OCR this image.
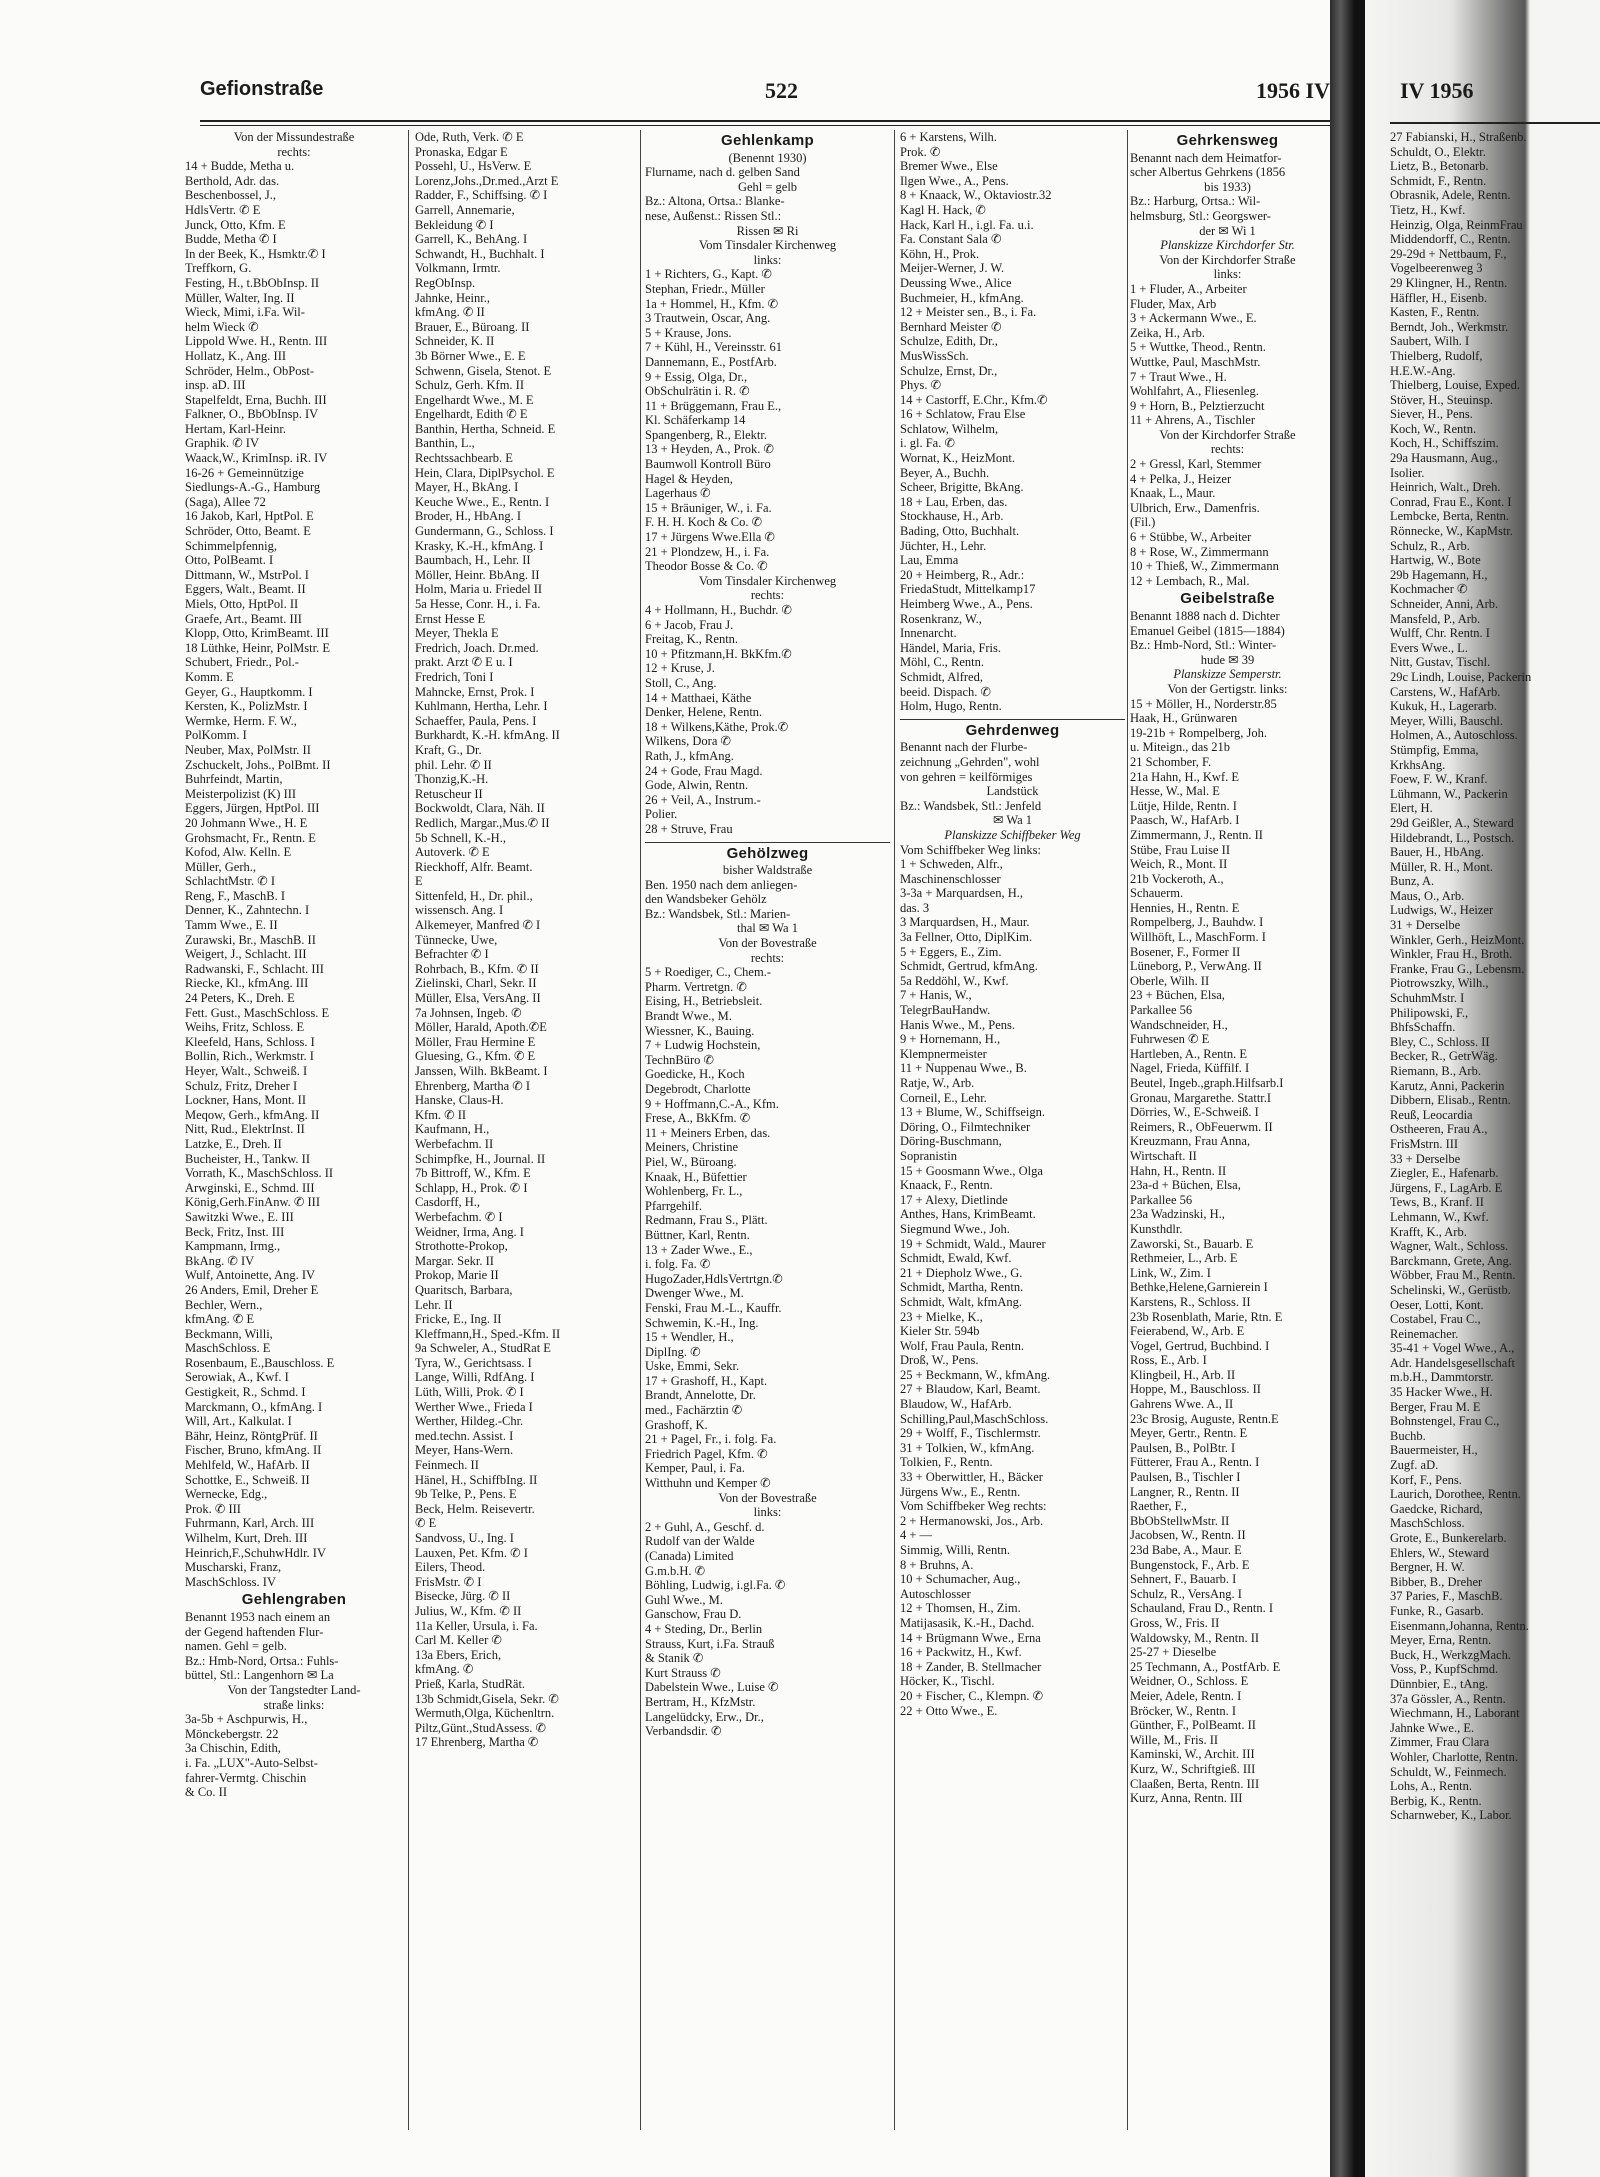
Gefionstraße	522	1956 IV	IV 1956

Von der Missundestraße

rechts:

14 + Budde, Metha u.

Berthold, Adr. das.

Beschenbossel, J.,

HdlsVertr. ✆ E

Junck, Otto, Kfm. E

Budde, Metha ✆ I

In der Beek, K., Hsmktr.✆ I

Treffkorn, G.

Festing, H., t.BbObInsp. II

Müller, Walter, Ing. II

Wieck, Mimi, i.Fa. Wil-

helm Wieck ✆

Lippold Wwe. H., Rentn. III

Hollatz, K., Ang. III

Schröder, Helm., ObPost-

insp. aD. III

Stapelfeldt, Erna, Buchh. III

Falkner, O., BbObInsp. IV

Hertam, Karl-Heinr.

Graphik. ✆ IV

Waack,W., KrimInsp. iR. IV

16-26 + Gemeinnützige

Siedlungs-A.-G., Hamburg

(Saga), Allee 72

16 Jakob, Karl, HptPol. E

Schröder, Otto, Beamt. E

Schimmelpfennig,

Otto, PolBeamt. I

Dittmann, W., MstrPol. I

Eggers, Walt., Beamt. II

Miels, Otto, HptPol. II

Graefe, Art., Beamt. III

Klopp, Otto, KrimBeamt. III

18 Lüthke, Heinr, PolMstr. E

Schubert, Friedr., Pol.-

Komm. E

Geyer, G., Hauptkomm. I

Kersten, K., PolizMstr. I

Wermke, Herm. F. W.,

PolKomm. I

Neuber, Max, PolMstr. II

Zschuckelt, Johs., PolBmt. II

Buhrfeindt, Martin,

Meisterpolizist (K) III

Eggers, Jürgen, HptPol. III

20 Johmann Wwe., H. E

Grohsmacht, Fr., Rentn. E

Kofod, Alw. Kelln. E

Müller, Gerh.,

SchlachtMstr. ✆ I

Reng, F., MaschB. I

Denner, K., Zahntechn. I

Tamm Wwe., E. II

Zurawski, Br., MaschB. II

Weigert, J., Schlacht. III

Radwanski, F., Schlacht. III

Riecke, Kl., kfmAng. III

24 Peters, K., Dreh. E

Fett. Gust., MaschSchloss. E

Weihs, Fritz, Schloss. E

Kleefeld, Hans, Schloss. I

Bollin, Rich., Werkmstr. I

Heyer, Walt., Schweiß. I

Schulz, Fritz, Dreher I

Lockner, Hans, Mont. II

Meqow, Gerh., kfmAng. II

Nitt, Rud., ElektrInst. II

Latzke, E., Dreh. II

Bucheister, H., Tankw. II

Vorrath, K., MaschSchloss. II

Arwginski, E., Schmd. III

König,Gerh.FinAnw. ✆ III

Sawitzki Wwe., E. III

Beck, Fritz, Inst. III

Kampmann, Irmg.,

BkAng. ✆ IV

Wulf, Antoinette, Ang. IV

26 Anders, Emil, Dreher E

Bechler, Wern.,

kfmAng. ✆ E

Beckmann, Willi,

MaschSchloss. E

Rosenbaum, E.,Bauschloss. E

Serowiak, A., Kwf. I

Gestigkeit, R., Schmd. I

Marckmann, O., kfmAng. I

Will, Art., Kalkulat. I

Bähr, Heinz, RöntgPrüf. II

Fischer, Bruno, kfmAng. II

Mehlfeld, W., HafArb. II

Schottke, E., Schweiß. II

Wernecke, Edg.,

Prok. ✆ III

Fuhrmann, Karl, Arch. III

Wilhelm, Kurt, Dreh. III

Heinrich,F.,SchuhwHdlr. IV

Muscharski, Franz,

MaschSchloss. IV

Gehlengraben

Benannt 1953 nach einem an

der Gegend haftenden Flur-

namen. Gehl = gelb.

Bz.: Hmb-Nord, Ortsa.: Fuhls-

büttel, Stl.: Langenhorn ✉ La

Von der Tangstedter Land-

straße links:

3a-5b + Aschpurwis, H.,

Mönckebergstr. 22

3a Chischin, Edith,

i. Fa. „LUX"-Auto-Selbst-

fahrer-Vermtg. Chischin

& Co. II

Ode, Ruth, Verk. ✆ E

Pronaska, Edgar E

Possehl, U., HsVerw. E

Lorenz,Johs.,Dr.med.,Arzt E

Radder, F., Schiffsing. ✆ I

Garrell, Annemarie,

Bekleidung ✆ I

Garrell, K., BehAng. I

Schwandt, H., Buchhalt. I

Volkmann, Irmtr.

RegObInsp.

Jahnke, Heinr.,

kfmAng. ✆ II

Brauer, E., Büroang. II

Schneider, K. II

3b Börner Wwe., E. E

Schwenn, Gisela, Stenot. E

Schulz, Gerh. Kfm. II

Engelhardt Wwe., M. E

Engelhardt, Edith ✆ E

Banthin, Hertha, Schneid. E

Banthin, L.,

Rechtssachbearb. E

Hein, Clara, DiplPsychol. E

Mayer, H., BkAng. I

Keuche Wwe., E., Rentn. I

Broder, H., HbAng. I

Gundermann, G., Schloss. I

Krasky, K.-H., kfmAng. I

Baumbach, H., Lehr. II

Möller, Heinr. BbAng. II

Holm, Maria u. Friedel II

5a Hesse, Conr. H., i. Fa.

Ernst Hesse E

Meyer, Thekla E

Fredrich, Joach. Dr.med.

prakt. Arzt ✆ E u. I

Fredrich, Toni I

Mahncke, Ernst, Prok. I

Kuhlmann, Hertha, Lehr. I

Schaeffer, Paula, Pens. I

Burkhardt, K.-H. kfmAng. II

Kraft, G., Dr.

phil. Lehr. ✆ II

Thonzig,K.-H.

Retuscheur II

Bockwoldt, Clara, Näh. II

Redlich, Margar.,Mus.✆ II

5b Schnell, K.-H.,

Autoverk. ✆ E

Rieckhoff, Alfr. Beamt.

E

Sittenfeld, H., Dr. phil.,

wissensch. Ang. I

Alkemeyer, Manfred ✆ I

Tünnecke, Uwe,

Befrachter ✆ I

Rohrbach, B., Kfm. ✆ II

Zielinski, Charl, Sekr. II

Müller, Elsa, VersAng. II

7a Johnsen, Ingeb. ✆

Möller, Harald, Apoth.✆E

Möller, Frau Hermine E

Gluesing, G., Kfm. ✆ E

Janssen, Wilh. BkBeamt. I

Ehrenberg, Martha ✆ I

Hanske, Claus-H.

Kfm. ✆ II

Kaufmann, H.,

Werbefachm. II

Schimpfke, H., Journal. II

7b Bittroff, W., Kfm. E

Schlapp, H., Prok. ✆ I

Casdorff, H.,

Werbefachm. ✆ I

Weidner, Irma, Ang. I

Strothotte-Prokop,

Margar. Sekr. II

Prokop, Marie II

Quaritsch, Barbara,

Lehr. II

Fricke, E., Ing. II

Kleffmann,H., Sped.-Kfm. II

9a Schweler, A., StudRat E

Tyra, W., Gerichtsass. I

Lange, Willi, RdfAng. I

Lüth, Willi, Prok. ✆ I

Werther Wwe., Frieda I

Werther, Hildeg.-Chr.

med.techn. Assist. I

Meyer, Hans-Wern.

Feinmech. II

Hänel, H., SchiffbIng. II

9b Telke, P., Pens. E

Beck, Helm. Reisevertr.

✆ E

Sandvoss, U., Ing. I

Lauxen, Pet. Kfm. ✆ I

Eilers, Theod.

FrisMstr. ✆ I

Bisecke, Jürg. ✆ II

Julius, W., Kfm. ✆ II

11a Keller, Ursula, i. Fa.

Carl M. Keller ✆

13a Ebers, Erich,

kfmAng. ✆

Prieß, Karla, StudRät.

13b Schmidt,Gisela, Sekr. ✆

Wermuth,Olga, Küchenltrn.

Piltz,Günt.,StudAssess. ✆

17 Ehrenberg, Martha ✆

Gehlenkamp

(Benennt 1930)

Flurname, nach d. gelben Sand

Gehl = gelb

Bz.: Altona, Ortsa.: Blanke-

nese, Außenst.: Rissen Stl.:

Rissen ✉ Ri

Vom Tinsdaler Kirchenweg

links:

1 + Richters, G., Kapt. ✆

Stephan, Friedr., Müller

1a + Hommel, H., Kfm. ✆

3 Trautwein, Oscar, Ang.

5 + Krause, Jons.

7 + Kühl, H., Vereinsstr. 61

Dannemann, E., PostfArb.

9 + Essig, Olga, Dr.,

ObSchulrätin i. R. ✆

11 + Brüggemann, Frau E.,

Kl. Schäferkamp 14

Spangenberg, R., Elektr.

13 + Heyden, A., Prok. ✆

Baumwoll Kontroll Büro

Hagel & Heyden,

Lagerhaus ✆

15 + Bräuniger, W., i. Fa.

F. H. H. Koch & Co. ✆

17 + Jürgens Wwe.Ella ✆

21 + Plondzew, H., i. Fa.

Theodor Bosse & Co. ✆

Vom Tinsdaler Kirchenweg

rechts:

4 + Hollmann, H., Buchdr. ✆

6 + Jacob, Frau J.

Freitag, K., Rentn.

10 + Pfitzmann,H. BkKfm.✆

12 + Kruse, J.

Stoll, C., Ang.

14 + Matthaei, Käthe

Denker, Helene, Rentn.

18 + Wilkens,Käthe, Prok.✆

Wilkens, Dora ✆

Rath, J., kfmAng.

24 + Gode, Frau Magd.

Gode, Alwin, Rentn.

26 + Veil, A., Instrum.-

Polier.

28 + Struve, Frau

Gehölzweg

bisher Waldstraße

Ben. 1950 nach dem anliegen-

den Wandsbeker Gehölz

Bz.: Wandsbek, Stl.: Marien-

thal ✉ Wa 1

Von der Bovestraße

rechts:

5 + Roediger, C., Chem.-

Pharm. Vertretgn. ✆

Eising, H., Betriebsleit.

Brandt Wwe., M.

Wiessner, K., Bauing.

7 + Ludwig Hochstein,

TechnBüro ✆

Goedicke, H., Koch

Degebrodt, Charlotte

9 + Hoffmann,C.-A., Kfm.

Frese, A., BkKfm. ✆

11 + Meiners Erben, das.

Meiners, Christine

Piel, W., Büroang.

Knaak, H., Büfettier

Wohlenberg, Fr. L.,

Pfarrgehilf.

Redmann, Frau S., Plätt.

Büttner, Karl, Rentn.

13 + Zader Wwe., E.,

i. folg. Fa. ✆

HugoZader,HdlsVertrtgn.✆

Dwenger Wwe., M.

Fenski, Frau M.-L., Kauffr.

Schwemin, K.-H., Ing.

15 + Wendler, H.,

DiplIng. ✆

Uske, Emmi, Sekr.

17 + Grashoff, H., Kapt.

Brandt, Annelotte, Dr.

med., Fachärztin ✆

Grashoff, K.

21 + Pagel, Fr., i. folg. Fa.

Friedrich Pagel, Kfm. ✆

Kemper, Paul, i. Fa.

Witthuhn und Kemper ✆

Von der Bovestraße

links:

2 + Guhl, A., Geschf. d.

Rudolf van der Walde

(Canada) Limited

G.m.b.H. ✆

Böhling, Ludwig, i.gl.Fa. ✆

Guhl Wwe., M.

Ganschow, Frau D.

4 + Steding, Dr., Berlin

Strauss, Kurt, i.Fa. Strauß

& Stanik ✆

Kurt Strauss ✆

Dabelstein Wwe., Luise ✆

Bertram, H., KfzMstr.

Langelüdcky, Erw., Dr.,

Verbandsdir. ✆

6 + Karstens, Wilh.

Prok. ✆

Bremer Wwe., Else

Ilgen Wwe., A., Pens.

8 + Knaack, W., Oktaviostr.32

Kagl H. Hack, ✆

Hack, Karl H., i.gl. Fa. u.i.

Fa. Constant Sala ✆

Köhn, H., Prok.

Meijer-Werner, J. W.

Deussing Wwe., Alice

Buchmeier, H., kfmAng.

12 + Meister sen., B., i. Fa.

Bernhard Meister ✆

Schulze, Edith, Dr.,

MusWissSch.

Schulze, Ernst, Dr.,

Phys. ✆

14 + Castorff, E.Chr., Kfm.✆

16 + Schlatow, Frau Else

Schlatow, Wilhelm,

i. gl. Fa. ✆

Wornat, K., HeizMont.

Beyer, A., Buchh.

Scheer, Brigitte, BkAng.

18 + Lau, Erben, das.

Stockhause, H., Arb.

Bading, Otto, Buchhalt.

Jüchter, H., Lehr.

Lau, Emma

20 + Heimberg, R., Adr.:

FriedaStudt, Mittelkamp17

Heimberg Wwe., A., Pens.

Rosenkranz, W.,

Innenarcht.

Händel, Maria, Fris.

Möhl, C., Rentn.

Schmidt, Alfred,

beeid. Dispach. ✆

Holm, Hugo, Rentn.

Gehrdenweg

Benannt nach der Flurbe-

zeichnung „Gehrden", wohl

von gehren = keilförmiges

Landstück

Bz.: Wandsbek, Stl.: Jenfeld

✉ Wa 1

Planskizze Schiffbeker Weg

Vom Schiffbeker Weg links:

1 + Schweden, Alfr.,

Maschinenschlosser

3-3a + Marquardsen, H.,

das. 3

3 Marquardsen, H., Maur.

3a Fellner, Otto, DiplKim.

5 + Eggers, E., Zim.

Schmidt, Gertrud, kfmAng.

5a Reddöhl, W., Kwf.

7 + Hanis, W.,

TelegrBauHandw.

Hanis Wwe., M., Pens.

9 + Hornemann, H.,

Klempnermeister

11 + Nuppenau Wwe., B.

Ratje, W., Arb.

Corneil, E., Lehr.

13 + Blume, W., Schiffseign.

Döring, O., Filmtechniker

Döring-Buschmann,

Sopranistin

15 + Goosmann Wwe., Olga

Knaack, F., Rentn.

17 + Alexy, Dietlinde

Anthes, Hans, KrimBeamt.

Siegmund Wwe., Joh.

19 + Schmidt, Wald., Maurer

Schmidt, Ewald, Kwf.

21 + Diepholz Wwe., G.

Schmidt, Martha, Rentn.

Schmidt, Walt, kfmAng.

23 + Mielke, K.,

Kieler Str. 594b

Wolf, Frau Paula, Rentn.

Droß, W., Pens.

25 + Beckmann, W., kfmAng.

27 + Blaudow, Karl, Beamt.

Blaudow, W., HafArb.

Schilling,Paul,MaschSchloss.

29 + Wolff, F., Tischlermstr.

31 + Tolkien, W., kfmAng.

Tolkien, F., Rentn.

33 + Oberwittler, H., Bäcker

Jürgens Ww., E., Rentn.

Vom Schiffbeker Weg rechts:

2 + Hermanowski, Jos., Arb.

4 + —

Simmig, Willi, Rentn.

8 + Bruhns, A.

10 + Schumacher, Aug.,

Autoschlosser

12 + Thomsen, H., Zim.

Matijasasik, K.-H., Dachd.

14 + Brügmann Wwe., Erna

16 + Packwitz, H., Kwf.

18 + Zander, B. Stellmacher

Höcker, K., Tischl.

20 + Fischer, C., Klempn. ✆

22 + Otto Wwe., E.

Gehrkensweg

Benannt nach dem Heimatfor-

scher Albertus Gehrkens (1856

bis 1933)

Bz.: Harburg, Ortsa.: Wil-

helmsburg, Stl.: Georgswer-

der ✉ Wi 1

Planskizze Kirchdorfer Str.

Von der Kirchdorfer Straße

links:

1 + Fluder, A., Arbeiter

Fluder, Max, Arb

3 + Ackermann Wwe., E.

Zeika, H., Arb.

5 + Wuttke, Theod., Rentn.

Wuttke, Paul, MaschMstr.

7 + Traut Wwe., H.

Wohlfahrt, A., Fliesenleg.

9 + Horn, B., Pelztierzucht

11 + Ahrens, A., Tischler

Von der Kirchdorfer Straße

rechts:

2 + Gressl, Karl, Stemmer

4 + Pelka, J., Heizer

Knaak, L., Maur.

Ulbrich, Erw., Damenfris.

(Fil.)

6 + Stübbe, W., Arbeiter

8 + Rose, W., Zimmermann

10 + Thieß, W., Zimmermann

12 + Lembach, R., Mal.

Geibelstraße

Benannt 1888 nach d. Dichter

Emanuel Geibel (1815—1884)

Bz.: Hmb-Nord, Stl.: Winter-

hude ✉ 39

Planskizze Semperstr.

Von der Gertigstr. links:

15 + Möller, H., Norderstr.85

Haak, H., Grünwaren

19-21b + Rompelberg, Joh.

u. Miteign., das 21b

21 Schomber, F.

21a Hahn, H., Kwf. E

Hesse, W., Mal. E

Lütje, Hilde, Rentn. I

Paasch, W., HafArb. I

Zimmermann, J., Rentn. II

Stübe, Frau Luise II

Weich, R., Mont. II

21b Vockeroth, A.,

Schauerm.

Hennies, H., Rentn. E

Rompelberg, J., Bauhdw. I

Willhöft, L., MaschForm. I

Bosener, F., Former II

Lüneborg, P., VerwAng. II

Oberle, Wilh. II

23 + Büchen, Elsa,

Parkallee 56

Wandschneider, H.,

Fuhrwesen ✆ E

Hartleben, A., Rentn. E

Nagel, Frieda, Küffilf. I

Beutel, Ingeb.,graph.Hilfsarb.I

Gronau, Margarethe. Stattr.I

Dörries, W., E-Schweiß. I

Reimers, R., ObFeuerwm. II

Kreuzmann, Frau Anna,

Wirtschaft. II

Hahn, H., Rentn. II

23a-d + Büchen, Elsa,

Parkallee 56

23a Wadzinski, H.,

Kunsthdlr.

Zaworski, St., Bauarb. E

Rethmeier, L., Arb. E

Link, W., Zim. I

Bethke,Helene,Garnierein I

Karstens, R., Schloss. II

23b Rosenblath, Marie, Rtn. E

Feierabend, W., Arb. E

Vogel, Gertrud, Buchbind. I

Ross, E., Arb. I

Klingbeil, H., Arb. II

Hoppe, M., Bauschloss. II

Gahrens Wwe. A., II

23c Brosig, Auguste, Rentn.E

Meyer, Gertr., Rentn. E

Paulsen, B., PolBtr. I

Fütterer, Frau A., Rentn. I

Paulsen, B., Tischler I

Langner, R., Rentn. II

Raether, F.,

BbObStellwMstr. II

Jacobsen, W., Rentn. II

23d Babe, A., Maur. E

Bungenstock, F., Arb. E

Sehnert, F., Bauarb. I

Schulz, R., VersAng. I

Schauland, Frau D., Rentn. I

Gross, W., Fris. II

Waldowsky, M., Rentn. II

25-27 + Dieselbe

25 Techmann, A., PostfArb. E

Weidner, O., Schloss. E

Meier, Adele, Rentn. I

Bröcker, W., Rentn. I

Günther, F., PolBeamt. II

Wille, M., Fris. II

Kaminski, W., Archit. III

Kurz, W., Schriftgieß. III

Claaßen, Berta, Rentn. III

Kurz, Anna, Rentn. III

27 Fabianski, H., Straßenb.

Schuldt, O., Elektr.

Lietz, B., Betonarb.

Schmidt, F., Rentn.

Obrasnik, Adele, Rentn.

Tietz, H., Kwf.

Heinzig, Olga, ReinmFrau

Middendorff, C., Rentn.

29-29d + Nettbaum, F.,

Vogelbeerenweg 3

29 Klingner, H., Rentn.

Häffler, H., Eisenb.

Kasten, F., Rentn.

Berndt, Joh., Werkmstr.

Saubert, Wilh. I

Thielberg, Rudolf,

H.E.W.-Ang.

Thielberg, Louise, Exped.

Stöver, H., Steuinsp.

Siever, H., Pens.

Koch, W., Rentn.

Koch, H., Schiffszim.

29a Hausmann, Aug.,

Isolier.

Heinrich, Walt., Dreh.

Conrad, Frau E., Kont. I

Lembcke, Berta, Rentn.

Rönnecke, W., KapMstr.

Schulz, R., Arb.

Hartwig, W., Bote

29b Hagemann, H.,

Kochmacher ✆

Schneider, Anni, Arb.

Mansfeld, P., Arb.

Wulff, Chr. Rentn. I

Evers Wwe., L.

Nitt, Gustav, Tischl.

29c Lindh, Louise, Packerin

Carstens, W., HafArb.

Kukuk, H., Lagerarb.

Meyer, Willi, Bauschl.

Holmen, A., Autoschloss.

Stümpfig, Emma,

KrkhsAng.

Foew, F. W., Kranf.

Lühmann, W., Packerin

Elert, H.

29d Geißler, A., Steward

Hildebrandt, L., Postsch.

Bauer, H., HbAng.

Müller, R. H., Mont.

Bunz, A.

Maus, O., Arb.

Ludwigs, W., Heizer

31 + Derselbe

Winkler, Gerh., HeizMont.

Winkler, Frau H., Broth.

Franke, Frau G., Lebensm.

Piotrowszky, Wilh.,

SchuhmMstr. I

Philipowski, F.,

BhfsSchaffn.

Bley, C., Schloss. II

Becker, R., GetrWäg.

Riemann, B., Arb.

Karutz, Anni, Packerin

Dibbern, Elisab., Rentn.

Reuß, Leocardia

Ostheeren, Frau A.,

FrisMstrn. III

33 + Derselbe

Ziegler, E., Hafenarb.

Jürgens, F., LagArb. E

Tews, B., Kranf. II

Lehmann, W., Kwf.

Krafft, K., Arb.

Wagner, Walt., Schloss.

Barckmann, Grete, Ang.

Wöbber, Frau M., Rentn.

Schelinski, W., Gerüstb.

Oeser, Lotti, Kont.

Costabel, Frau C.,

Reinemacher.

35-41 + Vogel Wwe., A.,

Adr. Handelsgesellschaft

m.b.H., Dammtorstr.

35 Hacker Wwe., H.

Berger, Frau M. E

Bohnstengel, Frau C.,

Buchb.

Bauermeister, H.,

Zugf. aD.

Korf, F., Pens.

Laurich, Dorothee, Rentn.

Gaedcke, Richard,

MaschSchloss.

Grote, E., Bunkerelarb.

Ehlers, W., Steward

Bergner, H. W.

Bibber, B., Dreher

37 Paries, F., MaschB.

Funke, R., Gasarb.

Eisenmann,Johanna, Rentn.

Meyer, Erna, Rentn.

Buck, H., WerkzgMach.

Voss, P., KupfSchmd.

Dünnbier, E., tAng.

37a Gössler, A., Rentn.

Wiechmann, H., Laborant

Jahnke Wwe., E.

Zimmer, Frau Clara

Wohler, Charlotte, Rentn.

Schuldt, W., Feinmech.

Lohs, A., Rentn.

Berbig, K., Rentn.

Scharnweber, K., Labor.
